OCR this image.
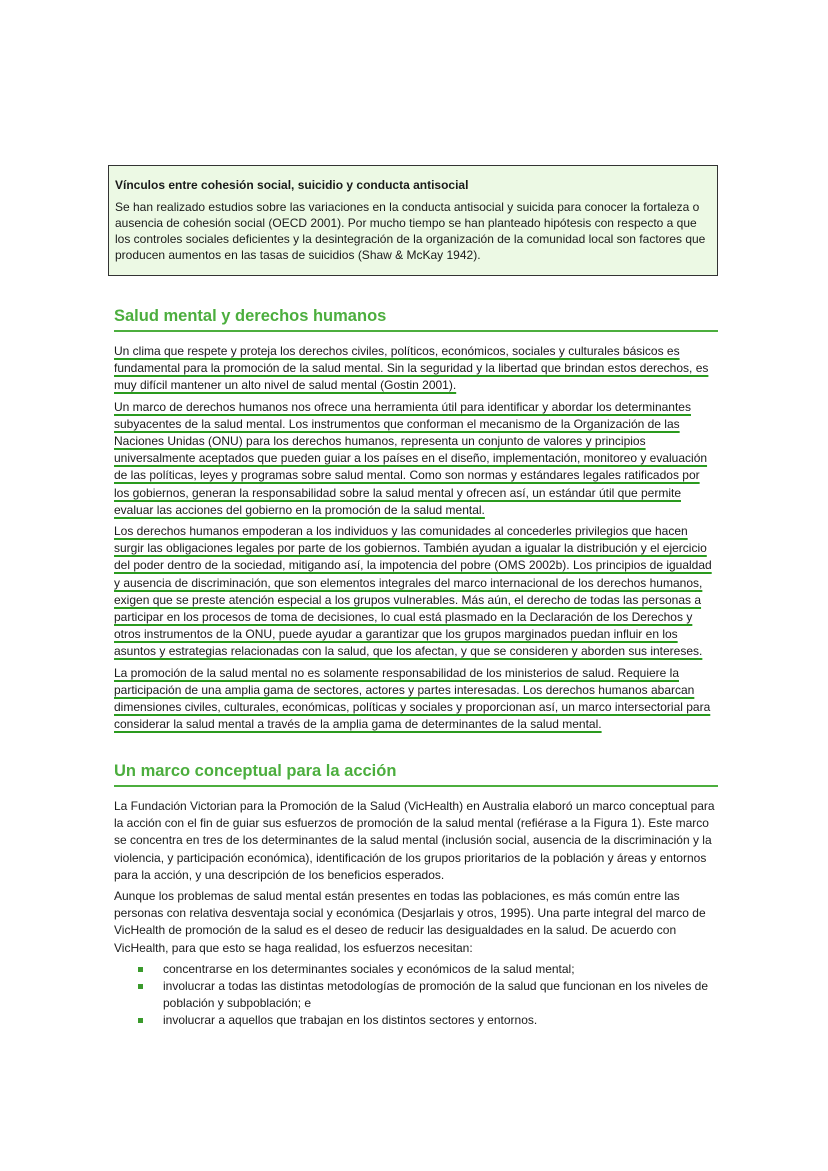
Vínculos entre cohesión social, suicidio y conducta antisocial

Se han realizado estudios sobre las variaciones en la conducta antisocial y suicida para conocer la fortaleza o ausencia de cohesión social (OECD 2001). Por mucho tiempo se han planteado hipótesis con respecto a que los controles sociales deficientes y la desintegración de la organización de la comunidad local son factores que producen aumentos en las tasas de suicidios (Shaw & McKay 1942).

Salud mental y derechos humanos

Un clima que respete y proteja los derechos civiles, políticos, económicos, sociales y culturales básicos es fundamental para la promoción de la salud mental. Sin la seguridad y la libertad que brindan estos derechos, es muy difícil mantener un alto nivel de salud mental (Gostin 2001).

Un marco de derechos humanos nos ofrece una herramienta útil para identificar y abordar los determinantes subyacentes de la salud mental. Los instrumentos que conforman el mecanismo de la Organización de las Naciones Unidas (ONU) para los derechos humanos, representa un conjunto de valores y principios universalmente aceptados que pueden guiar a los países en el diseño, implementación, monitoreo y evaluación de las políticas, leyes y programas sobre salud mental. Como son normas y estándares legales ratificados por los gobiernos, generan la responsabilidad sobre la salud mental y ofrecen así, un estándar útil que permite evaluar las acciones del gobierno en la promoción de la salud mental.

Los derechos humanos empoderan a los individuos y las comunidades al concederles privilegios que hacen surgir las obligaciones legales por parte de los gobiernos. También ayudan a igualar la distribución y el ejercicio del poder dentro de la sociedad, mitigando así, la impotencia del pobre (OMS 2002b). Los principios de igualdad y ausencia de discriminación, que son elementos integrales del marco internacional de los derechos humanos, exigen que se preste atención especial a los grupos vulnerables. Más aún, el derecho de todas las personas a participar en los procesos de toma de decisiones, lo cual está plasmado en la Declaración de los Derechos y otros instrumentos de la ONU, puede ayudar a garantizar que los grupos marginados puedan influir en los asuntos y estrategias relacionadas con la salud, que los afectan, y que se consideren y aborden sus intereses.

La promoción de la salud mental no es solamente responsabilidad de los ministerios de salud. Requiere la participación de una amplia gama de sectores, actores y partes interesadas. Los derechos humanos abarcan dimensiones civiles, culturales, económicas, políticas y sociales y proporcionan así, un marco intersectorial para considerar la salud mental a través de la amplia gama de determinantes de la salud mental.

Un marco conceptual para la acción

La Fundación Victorian para la Promoción de la Salud (VicHealth) en Australia elaboró un marco conceptual para la acción con el fin de guiar sus esfuerzos de promoción de la salud mental (refiérase a la Figura 1). Este marco se concentra en tres de los determinantes de la salud mental (inclusión social, ausencia de la discriminación y la violencia, y participación económica), identificación de los grupos prioritarios de la población y áreas y entornos para la acción, y una descripción de los beneficios esperados.

Aunque los problemas de salud mental están presentes en todas las poblaciones, es más común entre las personas con relativa desventaja social y económica (Desjarlais y otros, 1995). Una parte integral del marco de VicHealth de promoción de la salud es el deseo de reducir las desigualdades en la salud. De acuerdo con VicHealth, para que esto se haga realidad, los esfuerzos necesitan:

concentrarse en los determinantes sociales y económicos de la salud mental;
involucrar a todas las distintas metodologías de promoción de la salud que funcionan en los niveles de población y subpoblación; e
involucrar a aquellos que trabajan en los distintos sectores y entornos.
